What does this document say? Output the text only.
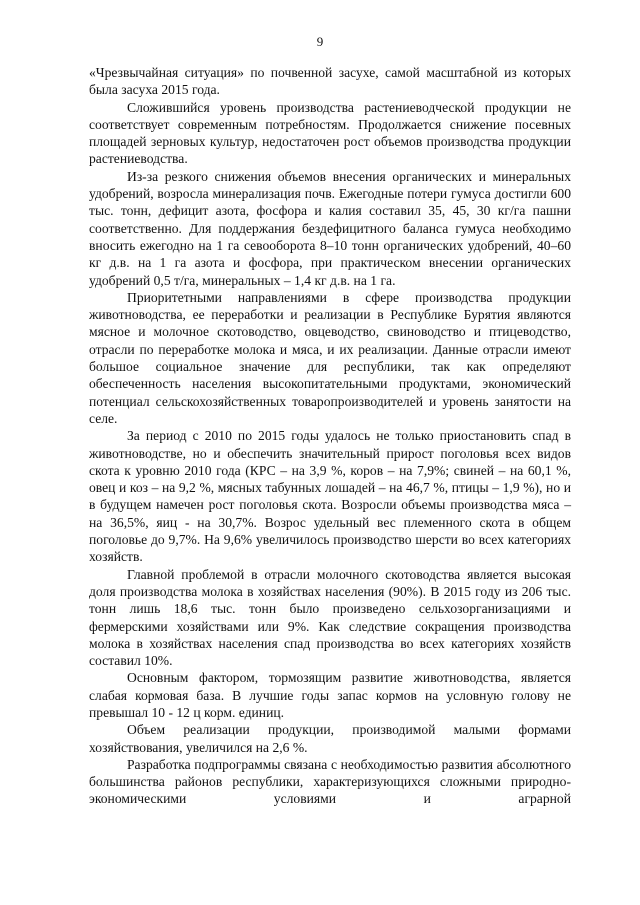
9

«Чрезвычайная ситуация» по почвенной засухе, самой масштабной из которых была засуха 2015 года.

Сложившийся уровень производства растениеводческой продукции не соответствует современным потребностям. Продолжается снижение посевных площадей зерновых культур, недостаточен рост объемов производства продукции растениеводства.

Из-за резкого снижения объемов внесения органических и минеральных удобрений, возросла минерализация почв. Ежегодные потери гумуса достигли 600 тыс. тонн, дефицит азота, фосфора и калия составил 35, 45, 30 кг/га пашни соответственно. Для поддержания бездефицитного баланса гумуса необходимо вносить ежегодно на 1 га севооборота 8–10 тонн органических удобрений, 40–60 кг д.в. на 1 га азота и фосфора, при практическом внесении органических удобрений 0,5 т/га, минеральных – 1,4 кг д.в. на 1 га.

Приоритетными направлениями в сфере производства продукции животноводства, ее переработки и реализации в Республике Бурятия являются мясное и молочное скотоводство, овцеводство, свиноводство и птицеводство, отрасли по переработке молока и мяса, и их реализации. Данные отрасли имеют большое социальное значение для республики, так как определяют обеспеченность населения высокопитательными продуктами, экономический потенциал сельскохозяйственных товаропроизводителей и уровень занятости на селе.

За период с 2010 по 2015 годы удалось не только приостановить спад в животноводстве, но и обеспечить значительный прирост поголовья всех видов скота к уровню 2010 года (КРС – на 3,9 %, коров – на 7,9%; свиней – на 60,1 %, овец и коз – на 9,2 %, мясных табунных лошадей – на 46,7 %, птицы – 1,9 %), но и в будущем намечен рост поголовья скота. Возросли объемы производства мяса – на 36,5%, яиц - на 30,7%. Возрос удельный вес племенного скота в общем поголовье до 9,7%. На 9,6% увеличилось производство шерсти во всех категориях хозяйств.

Главной проблемой в отрасли молочного скотоводства является высокая доля производства молока в хозяйствах населения (90%). В 2015 году из 206 тыс. тонн лишь 18,6 тыс. тонн было произведено сельхозорганизациями и фермерскими хозяйствами или 9%. Как следствие сокращения производства молока в хозяйствах населения спад производства во всех категориях хозяйств составил 10%.

Основным фактором, тормозящим развитие животноводства, является слабая кормовая база. В лучшие годы запас кормов на условную голову не превышал 10 - 12 ц корм. единиц.

Объем реализации продукции, производимой малыми формами хозяйствования, увеличился на 2,6 %.

Разработка подпрограммы связана с необходимостью развития абсолютного большинства районов республики, характеризующихся сложными природно-экономическими условиями и аграрной
